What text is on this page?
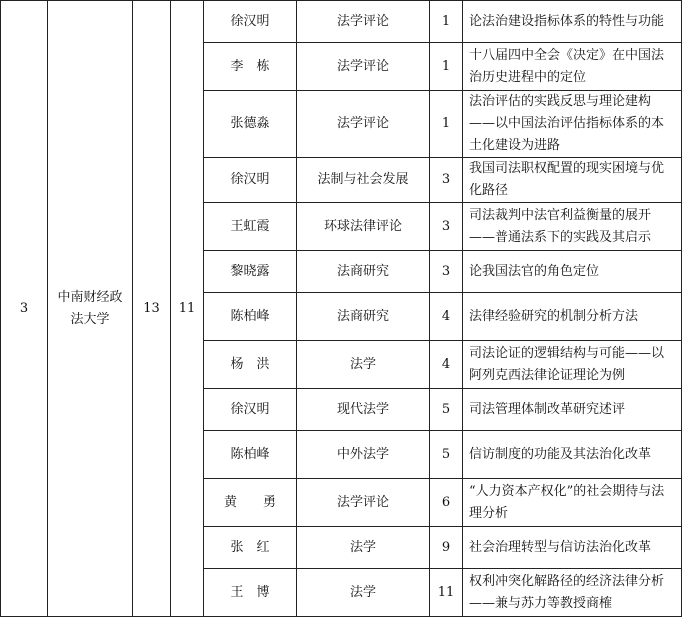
3	中南财经政法大学	13	11	徐汉明	法学评论	1	论法治建设指标体系的特性与功能
				李　栋	法学评论	1	十八届四中全会《决定》在中国法治历史进程中的定位
				张德淼	法学评论	1	法治评估的实践反思与理论建构——以中国法治评估指标体系的本土化建设为进路
				徐汉明	法制与社会发展	3	我国司法职权配置的现实困境与优化路径
				王虹霞	环球法律评论	3	司法裁判中法官利益衡量的展开——普通法系下的实践及其启示
				黎晓露	法商研究	3	论我国法官的角色定位
				陈柏峰	法商研究	4	法律经验研究的机制分析方法
				杨　洪	法学	4	司法论证的逻辑结构与可能——以阿列克西法律论证理论为例
				徐汉明	现代法学	5	司法管理体制改革研究述评
				陈柏峰	中外法学	5	信访制度的功能及其法治化改革
				黄　　勇	法学评论	6	“人力资本产权化”的社会期待与法理分析
				张　红	法学	9	社会治理转型与信访法治化改革
				王　博	法学	11	权利冲突化解路径的经济法律分析——兼与苏力等教授商榷
